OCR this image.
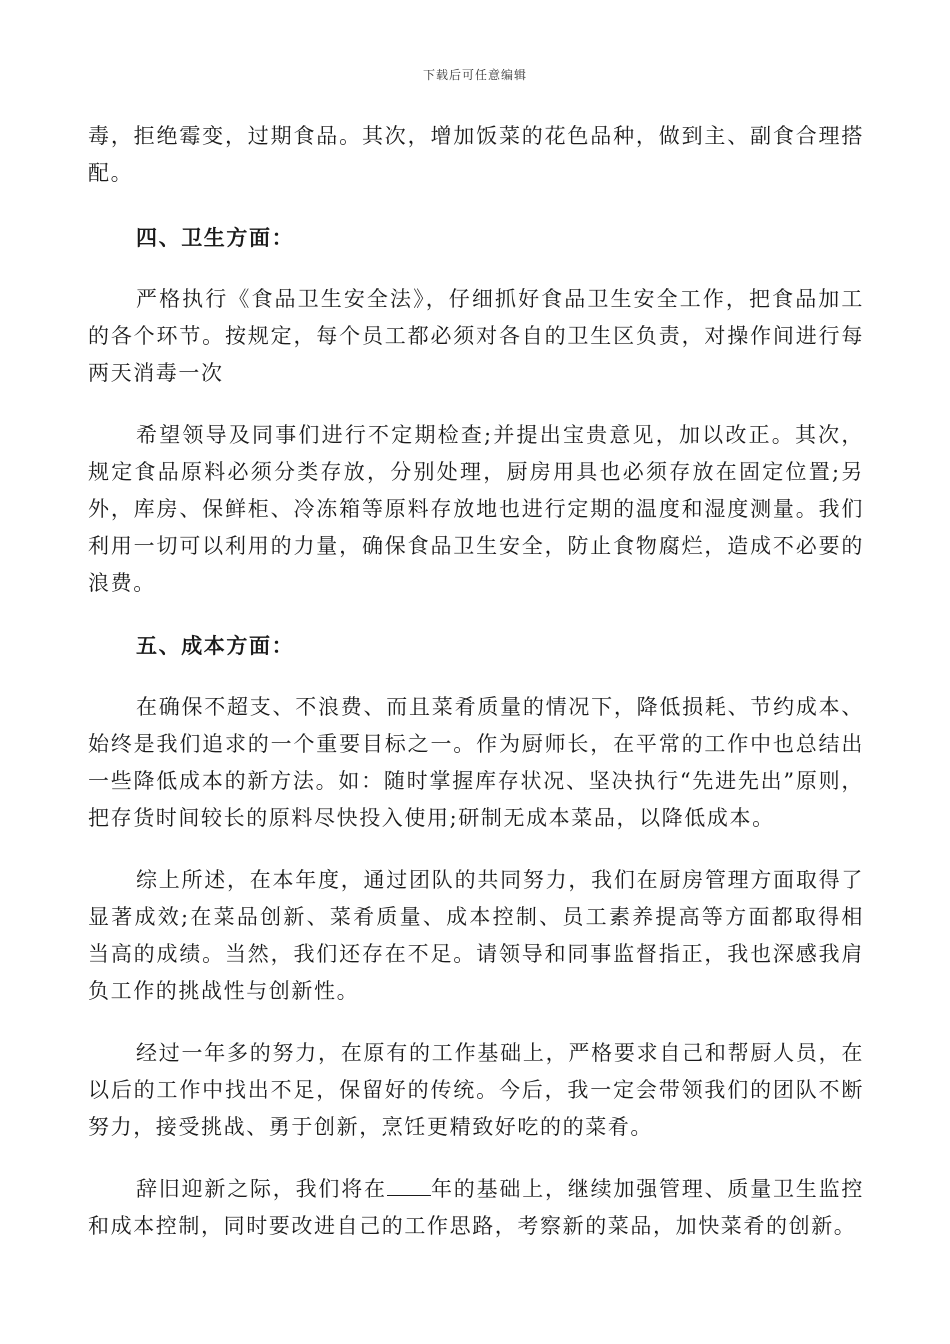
下载后可任意编辑

毒，拒绝霉变，过期食品。其次，增加饭菜的花色品种，做到主、副食合理搭配。

四、卫生方面：

严格执行《食品卫生安全法》，仔细抓好食品卫生安全工作，把食品加工的各个环节。按规定，每个员工都必须对各自的卫生区负责，对操作间进行每两天消毒一次

希望领导及同事们进行不定期检查;并提出宝贵意见，加以改正。其次，规定食品原料必须分类存放，分别处理，厨房用具也必须存放在固定位置;另外，库房、保鲜柜、冷冻箱等原料存放地也进行定期的温度和湿度测量。我们利用一切可以利用的力量，确保食品卫生安全，防止食物腐烂，造成不必要的浪费。

五、成本方面：

在确保不超支、不浪费、而且菜肴质量的情况下，降低损耗、节约成本、始终是我们追求的一个重要目标之一。作为厨师长，在平常的工作中也总结出一些降低成本的新方法。如：随时掌握库存状况、坚决执行“先进先出”原则，把存货时间较长的原料尽快投入使用;研制无成本菜品，以降低成本。

综上所述，在本年度，通过团队的共同努力，我们在厨房管理方面取得了显著成效;在菜品创新、菜肴质量、成本控制、员工素养提高等方面都取得相当高的成绩。当然，我们还存在不足。请领导和同事监督指正，我也深感我肩负工作的挑战性与创新性。

经过一年多的努力，在原有的工作基础上，严格要求自己和帮厨人员，在以后的工作中找出不足，保留好的传统。今后，我一定会带领我们的团队不断努力，接受挑战、勇于创新，烹饪更精致好吃的的菜肴。

辞旧迎新之际，我们将在 年的基础上，继续加强管理、质量卫生监控和成本控制，同时要改进自己的工作思路，考察新的菜品，加快菜肴的创新。
